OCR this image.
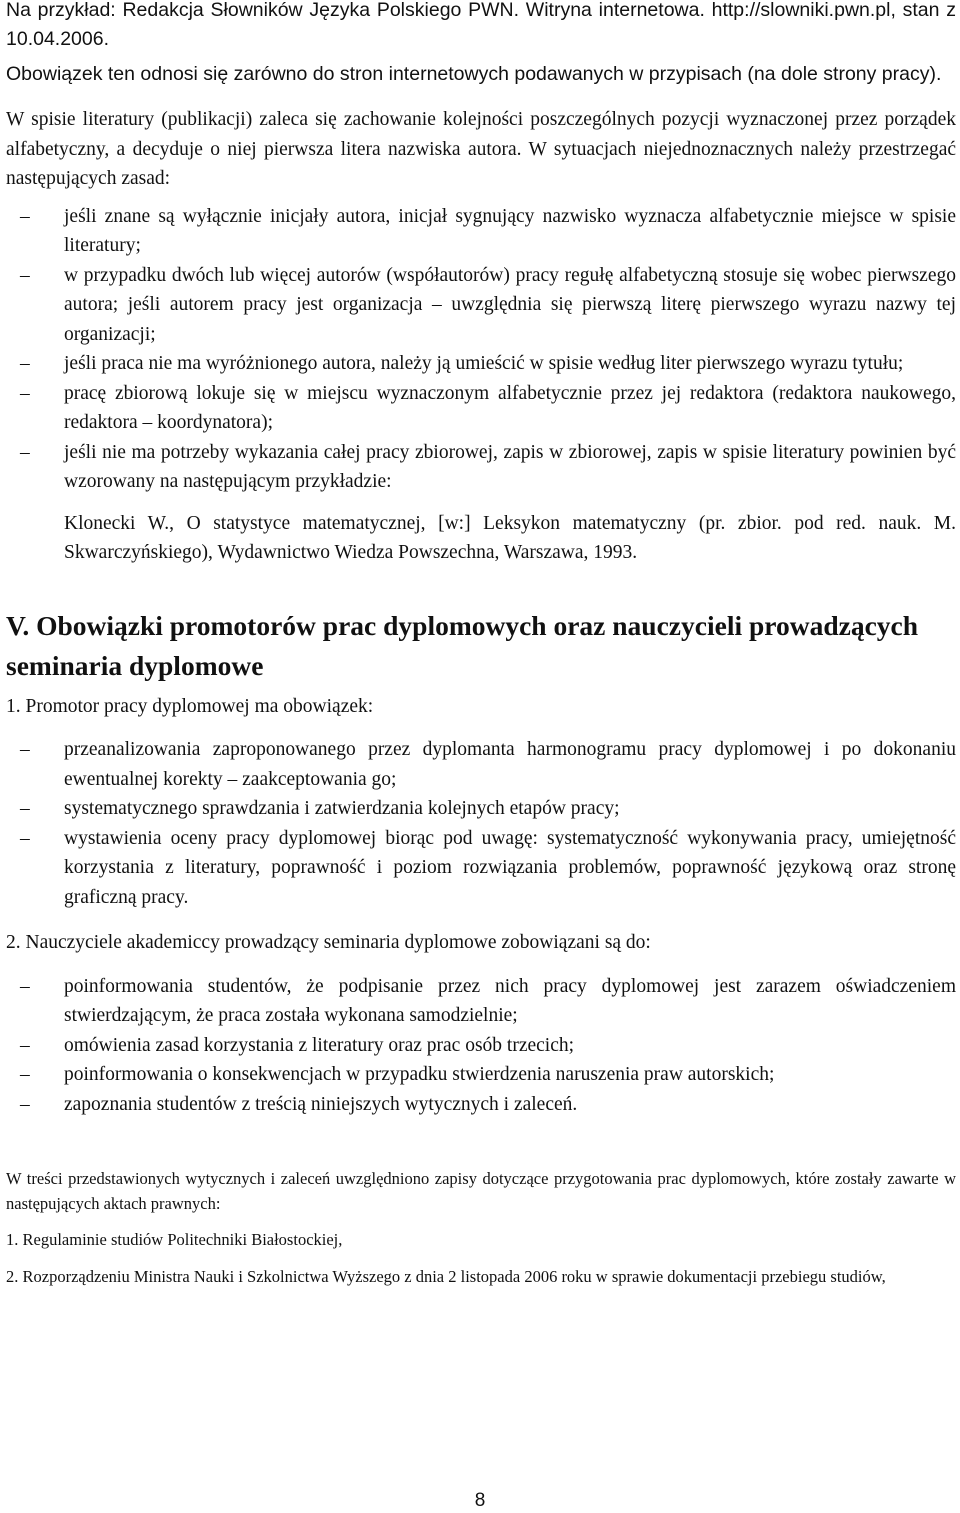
Na przykład: Redakcja Słowników Języka Polskiego PWN. Witryna internetowa. http://slowniki.pwn.pl, stan z 10.04.2006.

Obowiązek ten odnosi się zarówno do stron internetowych podawanych w przypisach (na dole strony pracy).

W spisie literatury (publikacji) zaleca się zachowanie kolejności poszczególnych pozycji wyznaczonej przez porządek alfabetyczny, a decyduje o niej pierwsza litera nazwiska autora. W sytuacjach niejednoznacznych należy przestrzegać następujących zasad:

– jeśli znane są wyłącznie inicjały autora, inicjał sygnujący nazwisko wyznacza alfabetycznie miejsce w spisie literatury;
– w przypadku dwóch lub więcej autorów (współautorów) pracy regułę alfabetyczną stosuje się wobec pierwszego autora; jeśli autorem pracy jest organizacja – uwzględnia się pierwszą literę pierwszego wyrazu nazwy tej organizacji;
– jeśli praca nie ma wyróżnionego autora, należy ją umieścić w spisie według liter pierwszego wyrazu tytułu;
– pracę zbiorową lokuje się w miejscu wyznaczonym alfabetycznie przez jej redaktora (redaktora naukowego, redaktora – koordynatora);
– jeśli nie ma potrzeby wykazania całej pracy zbiorowej, zapis w zbiorowej, zapis w spisie literatury powinien być wzorowany na następującym przykładzie:

Klonecki W., O statystyce matematycznej, [w:] Leksykon matematyczny (pr. zbior. pod red. nauk. M. Skwarczyńskiego), Wydawnictwo Wiedza Powszechna, Warszawa, 1993.

V. Obowiązki promotorów prac dyplomowych oraz nauczycieli prowadzących seminaria dyplomowe

1. Promotor pracy dyplomowej ma obowiązek:

– przeanalizowania zaproponowanego przez dyplomanta harmonogramu pracy dyplomowej i po dokonaniu ewentualnej korekty – zaakceptowania go;
– systematycznego sprawdzania i zatwierdzania kolejnych etapów pracy;
– wystawienia oceny pracy dyplomowej biorąc pod uwagę: systematyczność wykonywania pracy, umiejętność korzystania z literatury, poprawność i poziom rozwiązania problemów, poprawność językową oraz stronę graficzną pracy.

2. Nauczyciele akademiccy prowadzący seminaria dyplomowe zobowiązani są do:

– poinformowania studentów, że podpisanie przez nich pracy dyplomowej jest zarazem oświadczeniem stwierdzającym, że praca została wykonana samodzielnie;
– omówienia zasad korzystania z literatury oraz prac osób trzecich;
– poinformowania o konsekwencjach w przypadku stwierdzenia naruszenia praw autorskich;
– zapoznania studentów z treścią niniejszych wytycznych i zaleceń.

W treści przedstawionych wytycznych i zaleceń uwzględniono zapisy dotyczące przygotowania prac dyplomowych, które zostały zawarte w następujących aktach prawnych:

1. Regulaminie studiów Politechniki Białostockiej,

2. Rozporządzeniu Ministra Nauki i Szkolnictwa Wyższego z dnia 2 listopada 2006 roku w sprawie dokumentacji przebiegu studiów,

8
